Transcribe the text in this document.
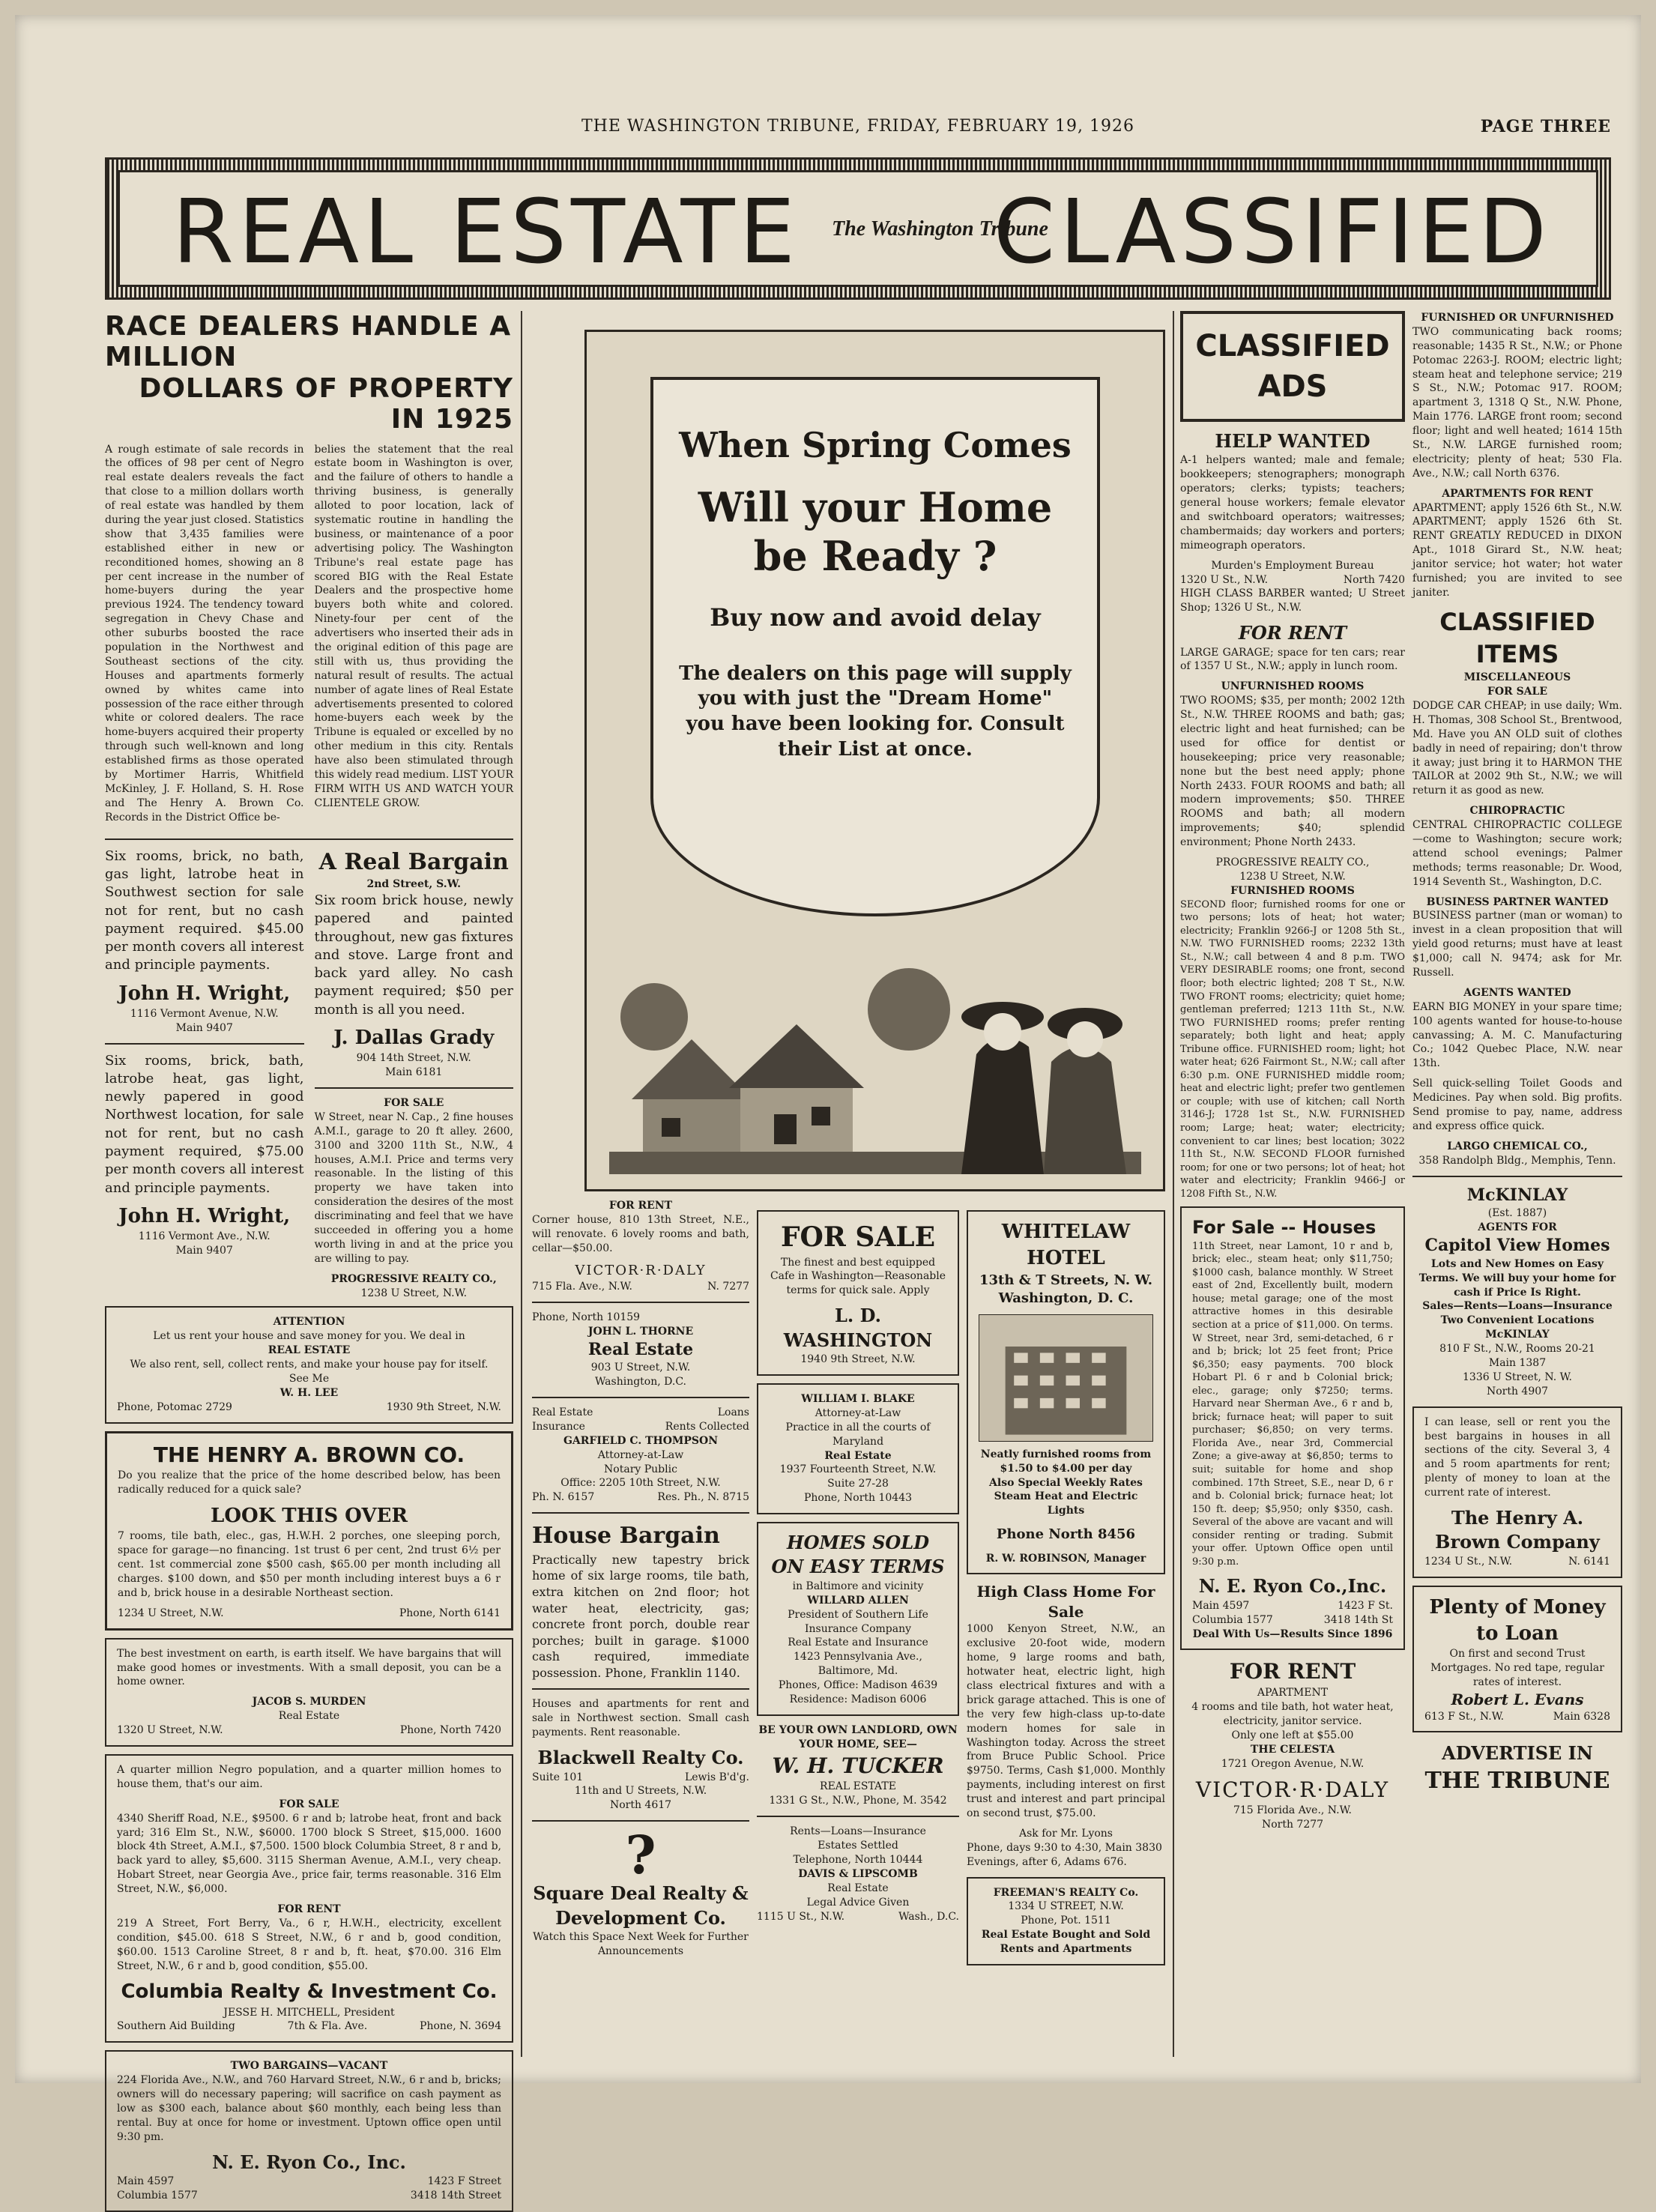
THE WASHINGTON TRIBUNE, FRIDAY, FEBRUARY 19, 1926	PAGE THREE
REAL ESTATE The Washington Tribune
CLASSIFIED
RACE DEALERS HANDLE A MILLION
DOLLARS OF PROPERTY IN 1925
A rough estimate of sale records in the offices of 98 per cent of Negro real estate dealers reveals the fact that close to a million dollars worth of real estate was handled by them during the year just closed. Statistics show that 3,435 families were established either in new or reconditioned homes, showing an 8 per cent increase in the number of home-buyers during the year previous 1924. The tendency toward segregation in Chevy Chase and other suburbs boosted the race population in the Northwest and Southeast sections of the city. Houses and apartments formerly owned by whites came into possession of the race either through white or colored dealers. The race home-buyers acquired their property through such well-known and long established firms as those operated by Mortimer Harris, Whitfield McKinley, J. F. Holland, S. H. Rose and The Henry A. Brown Co. Records in the District Office be-
belies the statement that the real estate boom in Washington is over, and the failure of others to handle a thriving business, is generally alloted to poor location, lack of systematic routine in handling the business, or maintenance of a poor advertising policy. The Washington Tribune's real estate page has scored BIG with the Real Estate Dealers and the prospective home buyers both white and colored. Ninety-four per cent of the advertisers who inserted their ads in the original edition of this page are still with us, thus providing the natural result of results. The actual number of agate lines of Real Estate advertisements presented to colored home-buyers each week by the Tribune is equaled or excelled by no other medium in this city. Rentals have also been stimulated through this widely read medium. LIST YOUR FIRM WITH US AND WATCH YOUR CLIENTELE GROW.
Six rooms, brick, no bath, gas light, latrobe heat in Southwest section for sale not for rent, but no cash payment required. $45.00 per month covers all interest and principle payments.
John H. Wright,
1116 Vermont Avenue, N.W.
Main 9407
Six rooms, brick, bath, latrobe heat, gas light, newly papered in good Northwest location, for sale not for rent, but no cash payment required, $75.00 per month covers all interest and principle payments.
John H. Wright,
1116 Vermont Ave., N.W.
Main 9407
A Real Bargain
2nd Street, S.W.
Six room brick house, newly papered and painted throughout, new gas fixtures and stove. Large front and back yard alley. No cash payment required; $50 per month is all you need.
J. Dallas Grady
904 14th Street, N.W.
Main 6181
FOR SALE
W Street, near N. Cap., 2 fine houses A.M.I., garage to 20 ft alley. 2600, 3100 and 3200 11th St., N.W., 4 houses, A.M.I. Price and terms very reasonable. In the listing of this property we have taken into consideration the desires of the most discriminating and feel that we have succeeded in offering you a home worth living in and at the price you are willing to pay.
PROGRESSIVE REALTY CO.,
1238 U Street, N.W.
ATTENTION
Let us rent your house and save money for you. We deal in
REAL ESTATE
We also rent, sell, collect rents, and make your house pay for itself.
See Me
W. H. LEE
Phone, Potomac 2729	1930 9th Street, N.W.
THE HENRY A. BROWN CO.
Do you realize that the price of the home described below, has been radically reduced for a quick sale?
LOOK THIS OVER
7 rooms, tile bath, elec., gas, H.W.H. 2 porches, one sleeping porch, space for garage—no financing. 1st trust 6 per cent, 2nd trust 6½ per cent. 1st commercial zone $500 cash, $65.00 per month including all charges. $100 down, and $50 per month including interest buys a 6 r and b, brick house in a desirable Northeast section.
1234 U Street, N.W.	Phone, North 6141
The best investment on earth, is earth itself. We have bargains that will make good homes or investments. With a small deposit, you can be a home owner.
JACOB S. MURDEN
Real Estate
1320 U Street, N.W.	Phone, North 7420
A quarter million Negro population, and a quarter million homes to house them, that's our aim.
FOR SALE
4340 Sheriff Road, N.E., $9500. 6 r and b; latrobe heat, front and back yard; 316 Elm St., N.W., $6000. 1700 block S Street, $15,000. 1600 block 4th Street, A.M.I., $7,500. 1500 block Columbia Street, 8 r and b, back yard to alley, $5,600. 3115 Sherman Avenue, A.M.I., very cheap. Hobart Street, near Georgia Ave., price fair, terms reasonable. 316 Elm Street, N.W., $6,000.
FOR RENT
219 A Street, Fort Berry, Va., 6 r, H.W.H., electricity, excellent condition, $45.00. 618 S Street, N.W., 6 r and b, good condition, $60.00. 1513 Caroline Street, 8 r and b, ft. heat, $70.00. 316 Elm Street, N.W., 6 r and b, good condition, $55.00.
Columbia Realty & Investment Co.
JESSE H. MITCHELL, President
Southern Aid Building	7th & Fla. Ave.	Phone, N. 3694
TWO BARGAINS—VACANT
224 Florida Ave., N.W., and 760 Harvard Street, N.W., 6 r and b, bricks; owners will do necessary papering; will sacrifice on cash payment as low as $300 each, balance about $60 monthly, each being less than rental. Buy at once for home or investment. Uptown office open until 9:30 pm.
N. E. Ryon Co., Inc.
Main 4597	1423 F Street
Columbia 1577	3418 14th Street
When Spring Comes
Will your Home be Ready ?
Buy now and avoid delay
The dealers on this page will supply you with just the "Dream Home" you have been looking for. Consult their List at once.
FOR RENT
Corner house, 810 13th Street, N.E., will renovate. 6 lovely rooms and bath, cellar—$50.00.
VICTOR·R·DALY
715 Fla. Ave., N.W.	N. 7277
Phone, North 10159
JOHN L. THORNE
Real Estate
903 U Street, N.W.
Washington, D.C.
Real Estate	Loans
Insurance	Rents Collected
GARFIELD C. THOMPSON
Attorney-at-Law
Notary Public
Office: 2205 10th Street, N.W.
Ph. N. 6157	Res. Ph., N. 8715
House Bargain
Practically new tapestry brick home of six large rooms, tile bath, extra kitchen on 2nd floor; hot water heat, electricity, gas; concrete front porch, double rear porches; built in garage. $1000 cash required, immediate possession. Phone, Franklin 1140.
Houses and apartments for rent and sale in Northwest section. Small cash payments. Rent reasonable.
Blackwell Realty Co.
Suite 101	Lewis B'd'g.
11th and U Streets, N.W.
North 4617
?
Square Deal Realty & Development Co.
Watch this Space Next Week for Further Announcements
FOR SALE
The finest and best equipped Cafe in Washington—Reasonable terms for quick sale. Apply
L. D. WASHINGTON
1940 9th Street, N.W.
WILLIAM I. BLAKE
Attorney-at-Law
Practice in all the courts of Maryland
Real Estate
1937 Fourteenth Street, N.W.
Suite 27-28
Phone, North 10443
HOMES SOLD ON EASY TERMS
in Baltimore and vicinity
WILLARD ALLEN
President of Southern Life Insurance Company
Real Estate and Insurance
1423 Pennsylvania Ave.,
Baltimore, Md.
Phones, Office: Madison 4639
Residence: Madison 6006
BE YOUR OWN LANDLORD, OWN YOUR HOME, SEE—
W. H. TUCKER
REAL ESTATE
1331 G St., N.W., Phone, M. 3542
Rents—Loans—Insurance
Estates Settled
Telephone, North 10444
DAVIS & LIPSCOMB
Real Estate
Legal Advice Given
1115 U St., N.W.	Wash., D.C.
WHITELAW HOTEL
13th & T Streets, N. W.
Washington, D. C.
Neatly furnished rooms from
$1.50 to $4.00 per day
Also Special Weekly Rates
Steam Heat and Electric Lights
Phone North 8456
R. W. ROBINSON, Manager
High Class Home For Sale
1000 Kenyon Street, N.W., an exclusive 20-foot wide, modern home, 9 large rooms and bath, hotwater heat, electric light, high class electrical fixtures and with a brick garage attached. This is one of the very few high-class up-to-date modern homes for sale in Washington today. Across the street from Bruce Public School. Price $9750. Terms, Cash $1,000. Monthly payments, including interest on first trust and interest and part principal on second trust, $75.00.
Ask for Mr. Lyons
Phone, days 9:30 to 4:30, Main 3830 Evenings, after 6, Adams 676.
FREEMAN'S REALTY Co.
1334 U STREET, N.W.
Phone, Pot. 1511
Real Estate Bought and Sold Rents and Apartments
CLASSIFIED ADS
HELP WANTED
A-1 helpers wanted; male and female; bookkeepers; stenographers; monograph operators; clerks; typists; teachers; general house workers; female elevator and switchboard operators; waitresses; chambermaids; day workers and porters; mimeograph operators.
Murden's Employment Bureau
1320 U St., N.W.	North 7420
HIGH CLASS BARBER wanted; U Street Shop; 1326 U St., N.W.
FOR RENT
LARGE GARAGE; space for ten cars; rear of 1357 U St., N.W.; apply in lunch room.
UNFURNISHED ROOMS
TWO ROOMS; $35, per month; 2002 12th St., N.W. THREE ROOMS and bath; gas; electric light and heat furnished; can be used for office for dentist or housekeeping; price very reasonable; none but the best need apply; phone North 2433. FOUR ROOMS and bath; all modern improvements; $50. THREE ROOMS and bath; all modern improvements; $40; splendid environment; Phone North 2433.
PROGRESSIVE REALTY CO.,
1238 U Street, N.W.
FURNISHED ROOMS
SECOND floor; furnished rooms for one or two persons; lots of heat; hot water; electricity; Franklin 9266-J or 1208 5th St., N.W. TWO FURNISHED rooms; 2232 13th St., N.W.; call between 4 and 8 p.m. TWO VERY DESIRABLE rooms; one front, second floor; both electric lighted; 208 T St., N.W. TWO FRONT rooms; electricity; quiet home; gentleman preferred; 1213 11th St., N.W. TWO FURNISHED rooms; prefer renting separately; both light and heat; apply Tribune office. FURNISHED room; light; hot water heat; 626 Fairmont St., N.W.; call after 6:30 p.m. ONE FURNISHED middle room; heat and electric light; prefer two gentlemen or couple; with use of kitchen; call North 3146-J; 1728 1st St., N.W. FURNISHED room; Large; heat; water; electricity; convenient to car lines; best location; 3022 11th St., N.W. SECOND FLOOR furnished room; for one or two persons; lot of heat; hot water and electricity; Franklin 9466-J or 1208 Fifth St., N.W.
For Sale -- Houses
11th Street, near Lamont, 10 r and b, brick; elec., steam heat; only $11,750; $1000 cash, balance monthly. W Street east of 2nd, Excellently built, modern house; metal garage; one of the most attractive homes in this desirable section at a price of $11,000. On terms. W Street, near 3rd, semi-detached, 6 r and b; brick; lot 25 feet front; Price $6,350; easy payments. 700 block Hobart Pl. 6 r and b Colonial brick; elec., garage; only $7250; terms. Harvard near Sherman Ave., 6 r and b, brick; furnace heat; will paper to suit purchaser; $6,850; on very terms. Florida Ave., near 3rd, Commercial Zone; a give-away at $6,850; terms to suit; suitable for home and shop combined. 17th Street, S.E., near D, 6 r and b. Colonial brick; furnace heat; lot 150 ft. deep; $5,950; only $350, cash. Several of the above are vacant and will consider renting or trading. Submit your offer. Uptown Office open until 9:30 p.m.
N. E. Ryon Co.,Inc.
Main 4597	1423 F St.
Columbia 1577	3418 14th St
Deal With Us—Results Since 1896
FOR RENT
APARTMENT
4 rooms and tile bath, hot water heat, electricity, janitor service.
Only one left at $55.00
THE CELESTA
1721 Oregon Avenue, N.W.
VICTOR·R·DALY
715 Florida Ave., N.W.
North 7277
FURNISHED OR UNFURNISHED
TWO communicating back rooms; reasonable; 1435 R St., N.W.; or Phone Potomac 2263-J. ROOM; electric light; steam heat and telephone service; 219 S St., N.W.; Potomac 917. ROOM; apartment 3, 1318 Q St., N.W. Phone, Main 1776. LARGE front room; second floor; light and well heated; 1614 15th St., N.W. LARGE furnished room; electricity; plenty of heat; 530 Fla. Ave., N.W.; call North 6376.
APARTMENTS FOR RENT
APARTMENT; apply 1526 6th St., N.W. APARTMENT; apply 1526 6th St. RENT GREATLY REDUCED in DIXON Apt., 1018 Girard St., N.W. heat; janitor service; hot water; hot water furnished; you are invited to see janiter.
CLASSIFIED ITEMS
MISCELLANEOUS
FOR SALE
DODGE CAR CHEAP; in use daily; Wm. H. Thomas, 308 School St., Brentwood, Md. Have you AN OLD suit of clothes badly in need of repairing; don't throw it away; just bring it to HARMON THE TAILOR at 2002 9th St., N.W.; we will return it as good as new.
CHIROPRACTIC
CENTRAL CHIROPRACTIC COLLEGE—come to Washington; secure work; attend school evenings; Palmer methods; terms reasonable; Dr. Wood, 1914 Seventh St., Washington, D.C.
BUSINESS PARTNER WANTED
BUSINESS partner (man or woman) to invest in a clean proposition that will yield good returns; must have at least $1,000; call N. 9474; ask for Mr. Russell.
AGENTS WANTED
EARN BIG MONEY in your spare time; 100 agents wanted for house-to-house canvassing; A. M. C. Manufacturing Co.; 1042 Quebec Place, N.W. near 13th.
Sell quick-selling Toilet Goods and Medicines. Pay when sold. Big profits. Send promise to pay, name, address and express office quick.
LARGO CHEMICAL CO.,
358 Randolph Bldg., Memphis, Tenn.
McKINLAY
(Est. 1887)
AGENTS FOR
Capitol View Homes
Lots and New Homes on Easy Terms. We will buy your home for cash if Price Is Right.
Sales—Rents—Loans—Insurance
Two Convenient Locations
McKINLAY
810 F St., N.W., Rooms 20-21
Main 1387
1336 U Street, N. W.
North 4907
I can lease, sell or rent you the best bargains in houses in all sections of the city. Several 3, 4 and 5 room apartments for rent; plenty of money to loan at the current rate of interest.
The Henry A. Brown Company
1234 U St., N.W.	N. 6141
Plenty of Money to Loan
On first and second Trust Mortgages. No red tape, regular rates of interest.
Robert L. Evans
613 F St., N.W.	Main 6328
ADVERTISE IN
THE TRIBUNE
